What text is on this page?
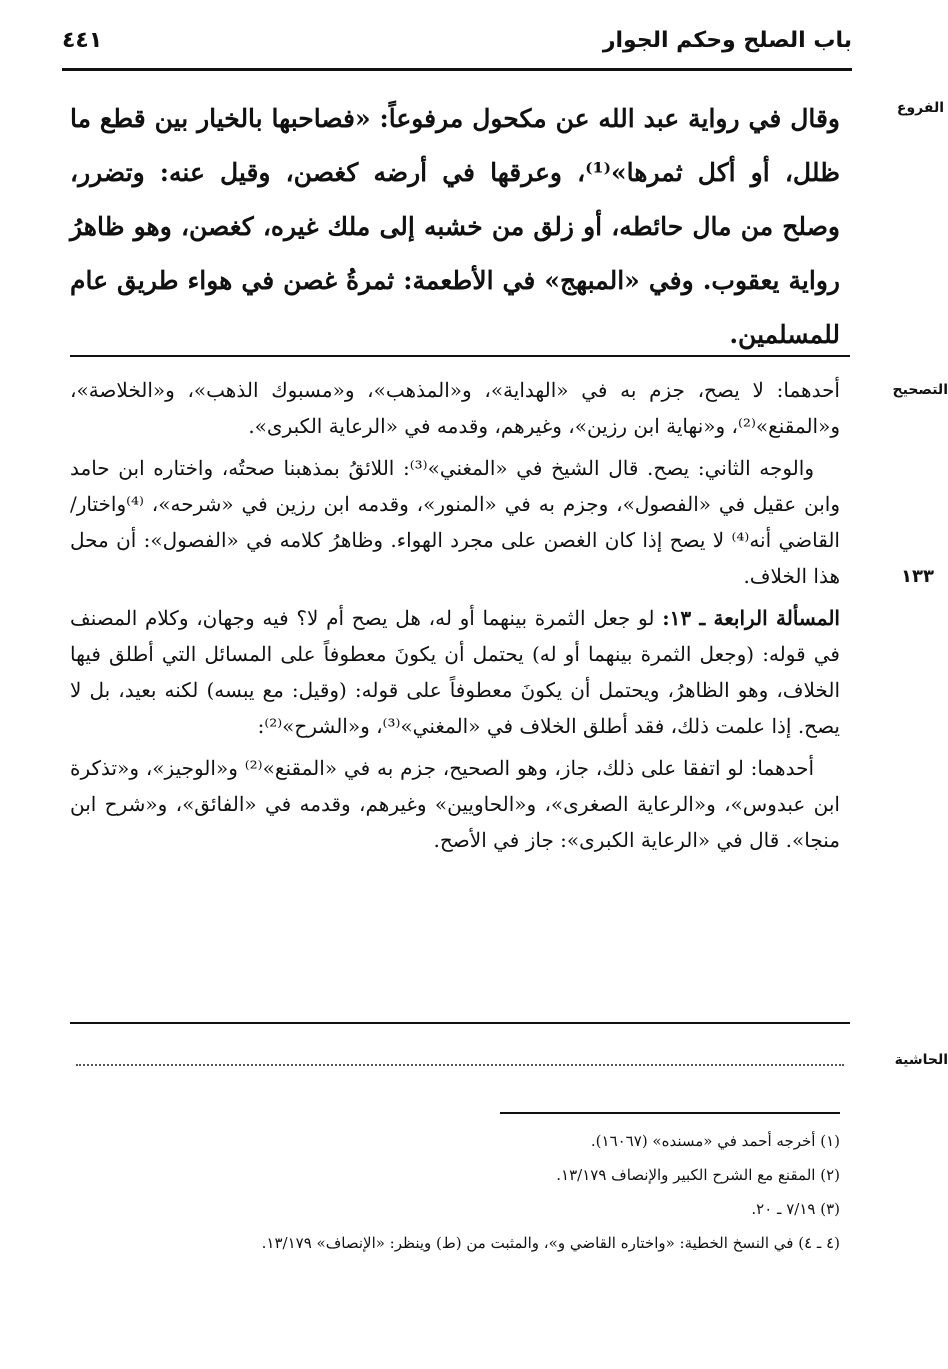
باب الصلح وحكم الجوار
٤٤١
الفروع
التصحيح
١٣٣
الحاشية

وقال في رواية عبد الله عن مكحول مرفوعاً: «فصاحبها بالخيار بين قطع ما ظلل، أو أكل ثمرها»⁽¹⁾، وعرقها في أرضه كغصن، وقيل عنه: وتضرر، وصلح من مال حائطه، أو زلق من خشبه إلى ملك غيره، كغصن، وهو ظاهرُ رواية يعقوب. وفي «المبهج» في الأطعمة: ثمرةُ غصن في هواء طريق عام للمسلمين.

أحدهما: لا يصح، جزم به في «الهداية»، و«المذهب»، و«مسبوك الذهب»، و«الخلاصة»، و«المقنع»⁽²⁾، و«نهاية ابن رزين»، وغيرهم، وقدمه في «الرعاية الكبرى».

والوجه الثاني: يصح. قال الشيخ في «المغني»⁽³⁾: اللائقُ بمذهبنا صحتُه، واختاره ابن حامد وابن عقيل في «الفصول»، وجزم به في «المنور»، وقدمه ابن رزين في «شرحه»، ⁽⁴⁾واختار/ القاضي أنه⁽⁴⁾ لا يصح إذا كان الغصن على مجرد الهواء. وظاهرُ كلامه في «الفصول»: أن محل هذا الخلاف.

المسألة الرابعة ـ ١٣: لو جعل الثمرة بينهما أو له، هل يصح أم لا؟ فيه وجهان، وكلام المصنف في قوله: (وجعل الثمرة بينهما أو له) يحتمل أن يكونَ معطوفاً على المسائل التي أطلق فيها الخلاف، وهو الظاهرُ، ويحتمل أن يكونَ معطوفاً على قوله: (وقيل: مع يبسه) لكنه بعيد، بل لا يصح. إذا علمت ذلك، فقد أطلق الخلاف في «المغني»⁽³⁾، و«الشرح»⁽²⁾:

أحدهما: لو اتفقا على ذلك، جاز، وهو الصحيح، جزم به في «المقنع»⁽²⁾ و«الوجيز»، و«تذكرة ابن عبدوس»، و«الرعاية الصغرى»، و«الحاويين» وغيرهم، وقدمه في «الفائق»، و«شرح ابن منجا». قال في «الرعاية الكبرى»: جاز في الأصح.

(١) أخرجه أحمد في «مسنده» (١٦٠٦٧).

(٢) المقنع مع الشرح الكبير والإنصاف ١٣/١٧٩.

(٣) ٧/١٩ ـ ٢٠.

(٤ ـ ٤) في النسخ الخطية: «واختاره القاضي و»، والمثبت من (ط) وينظر: «الإنصاف» ١٣/١٧٩.
